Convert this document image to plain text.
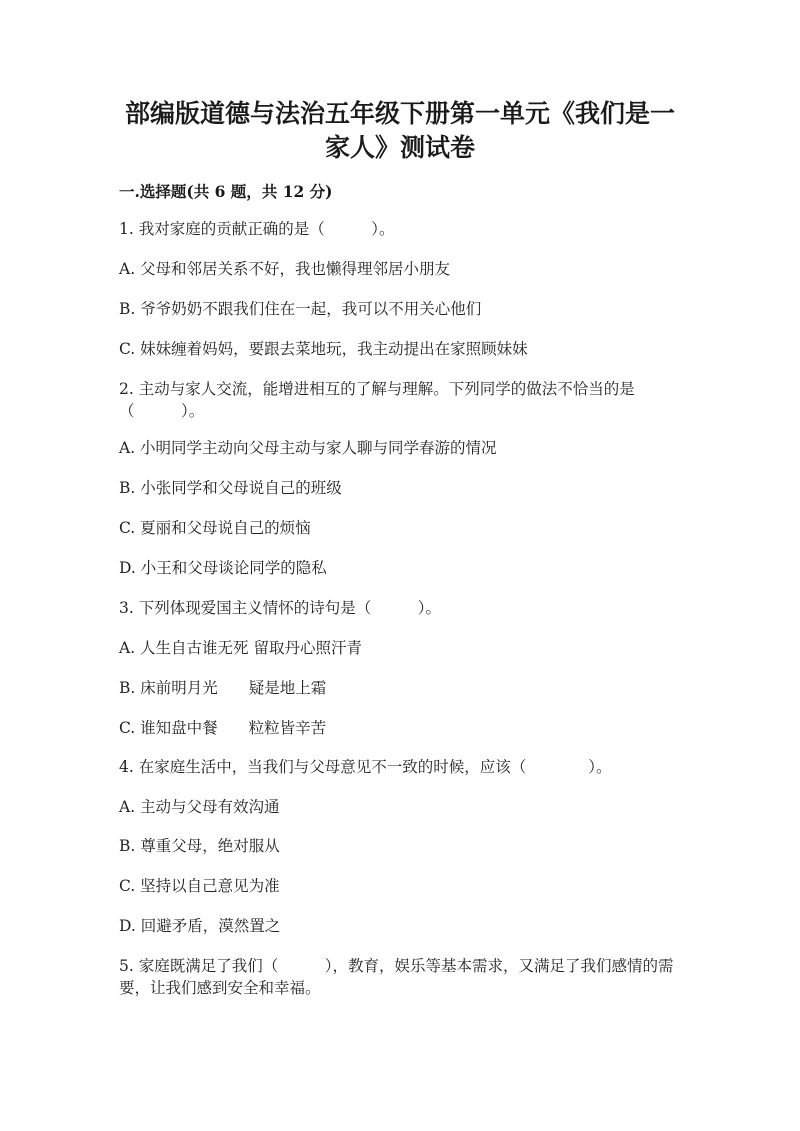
部编版道德与法治五年级下册第一单元《我们是一
家人》测试卷
一.选择题(共 6 题，共 12 分)
1. 我对家庭的贡献正确的是（　　　）。
A. 父母和邻居关系不好，我也懒得理邻居小朋友
B. 爷爷奶奶不跟我们住在一起，我可以不用关心他们
C. 妹妹缠着妈妈，要跟去菜地玩，我主动提出在家照顾妹妹
2. 主动与家人交流，能增进相互的了解与理解。下列同学的做法不恰当的是（　　　）。
A. 小明同学主动向父母主动与家人聊与同学春游的情况
B. 小张同学和父母说自己的班级
C. 夏丽和父母说自己的烦恼
D. 小王和父母谈论同学的隐私
3. 下列体现爱国主义情怀的诗句是（　　　）。
A. 人生自古谁无死 留取丹心照汗青
B. 床前明月光　　疑是地上霜
C. 谁知盘中餐　　粒粒皆辛苦
4. 在家庭生活中，当我们与父母意见不一致的时候，应该（　　　　）。
A. 主动与父母有效沟通
B. 尊重父母，绝对服从
C. 坚持以自己意见为准
D. 回避矛盾，漠然置之
5. 家庭既满足了我们（　　　），教育，娱乐等基本需求，又满足了我们感情的需要，让我们感到安全和幸福。
